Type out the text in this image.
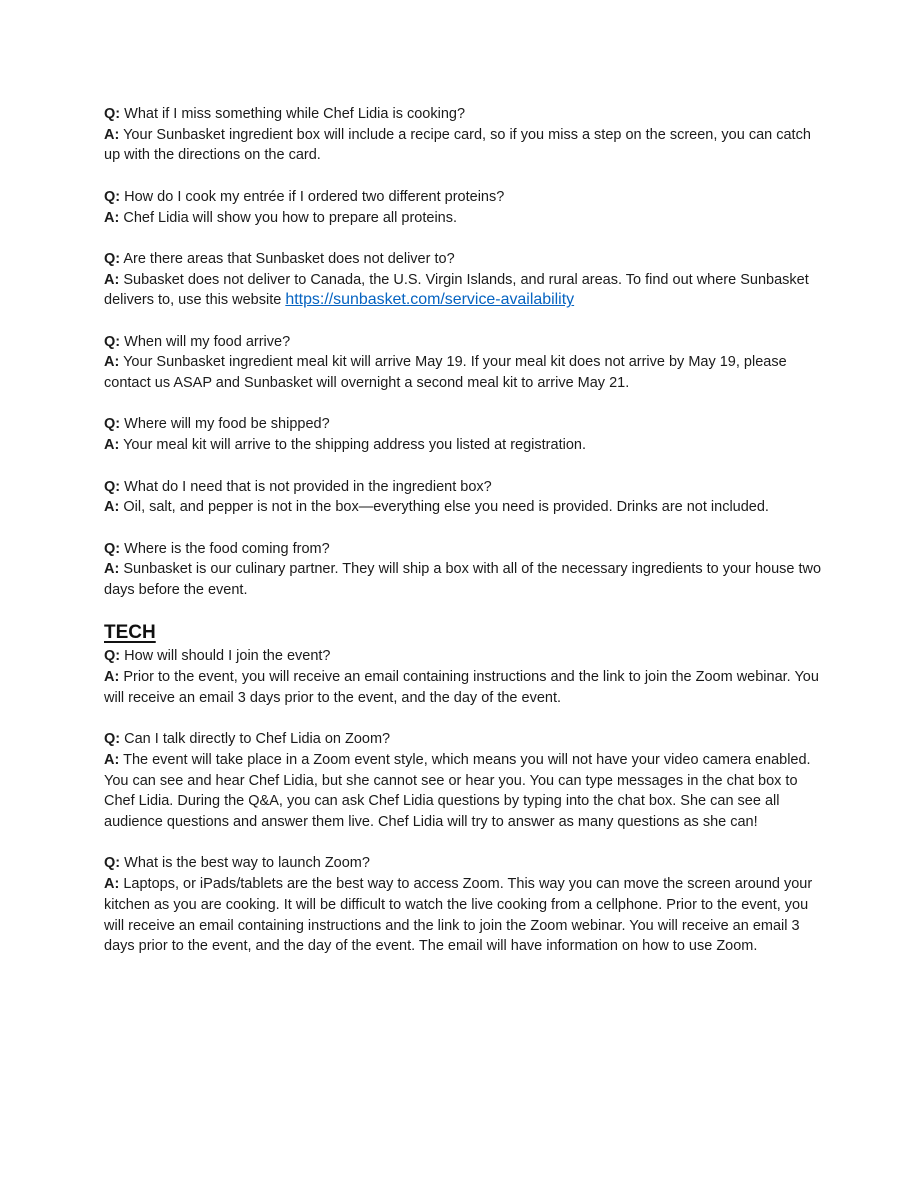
Q: What if I miss something while Chef Lidia is cooking?

A: Your Sunbasket ingredient box will include a recipe card, so if you miss a step on the screen, you can catch up with the directions on the card.

Q: How do I cook my entrée if I ordered two different proteins?

A: Chef Lidia will show you how to prepare all proteins.

Q: Are there areas that Sunbasket does not deliver to?

A: Subasket does not deliver to Canada, the U.S. Virgin Islands, and rural areas. To find out where Sunbasket delivers to, use this website https://sunbasket.com/service-availability

Q: When will my food arrive?

A: Your Sunbasket ingredient meal kit will arrive May 19. If your meal kit does not arrive by May 19, please contact us ASAP and Sunbasket will overnight a second meal kit to arrive May 21.

Q: Where will my food be shipped?

A: Your meal kit will arrive to the shipping address you listed at registration.

Q: What do I need that is not provided in the ingredient box?

A: Oil, salt, and pepper is not in the box—everything else you need is provided. Drinks are not included.

Q: Where is the food coming from?

A: Sunbasket is our culinary partner. They will ship a box with all of the necessary ingredients to your house two days before the event.

TECH

Q: How will should I join the event?

A: Prior to the event, you will receive an email containing instructions and the link to join the Zoom webinar. You will receive an email 3 days prior to the event, and the day of the event.

Q: Can I talk directly to Chef Lidia on Zoom?

A: The event will take place in a Zoom event style, which means you will not have your video camera enabled. You can see and hear Chef Lidia, but she cannot see or hear you. You can type messages in the chat box to Chef Lidia. During the Q&A, you can ask Chef Lidia questions by typing into the chat box. She can see all audience questions and answer them live. Chef Lidia will try to answer as many questions as she can!

Q: What is the best way to launch Zoom?

A: Laptops, or iPads/tablets are the best way to access Zoom. This way you can move the screen around your kitchen as you are cooking. It will be difficult to watch the live cooking from a cellphone. Prior to the event, you will receive an email containing instructions and the link to join the Zoom webinar. You will receive an email 3 days prior to the event, and the day of the event. The email will have information on how to use Zoom.
